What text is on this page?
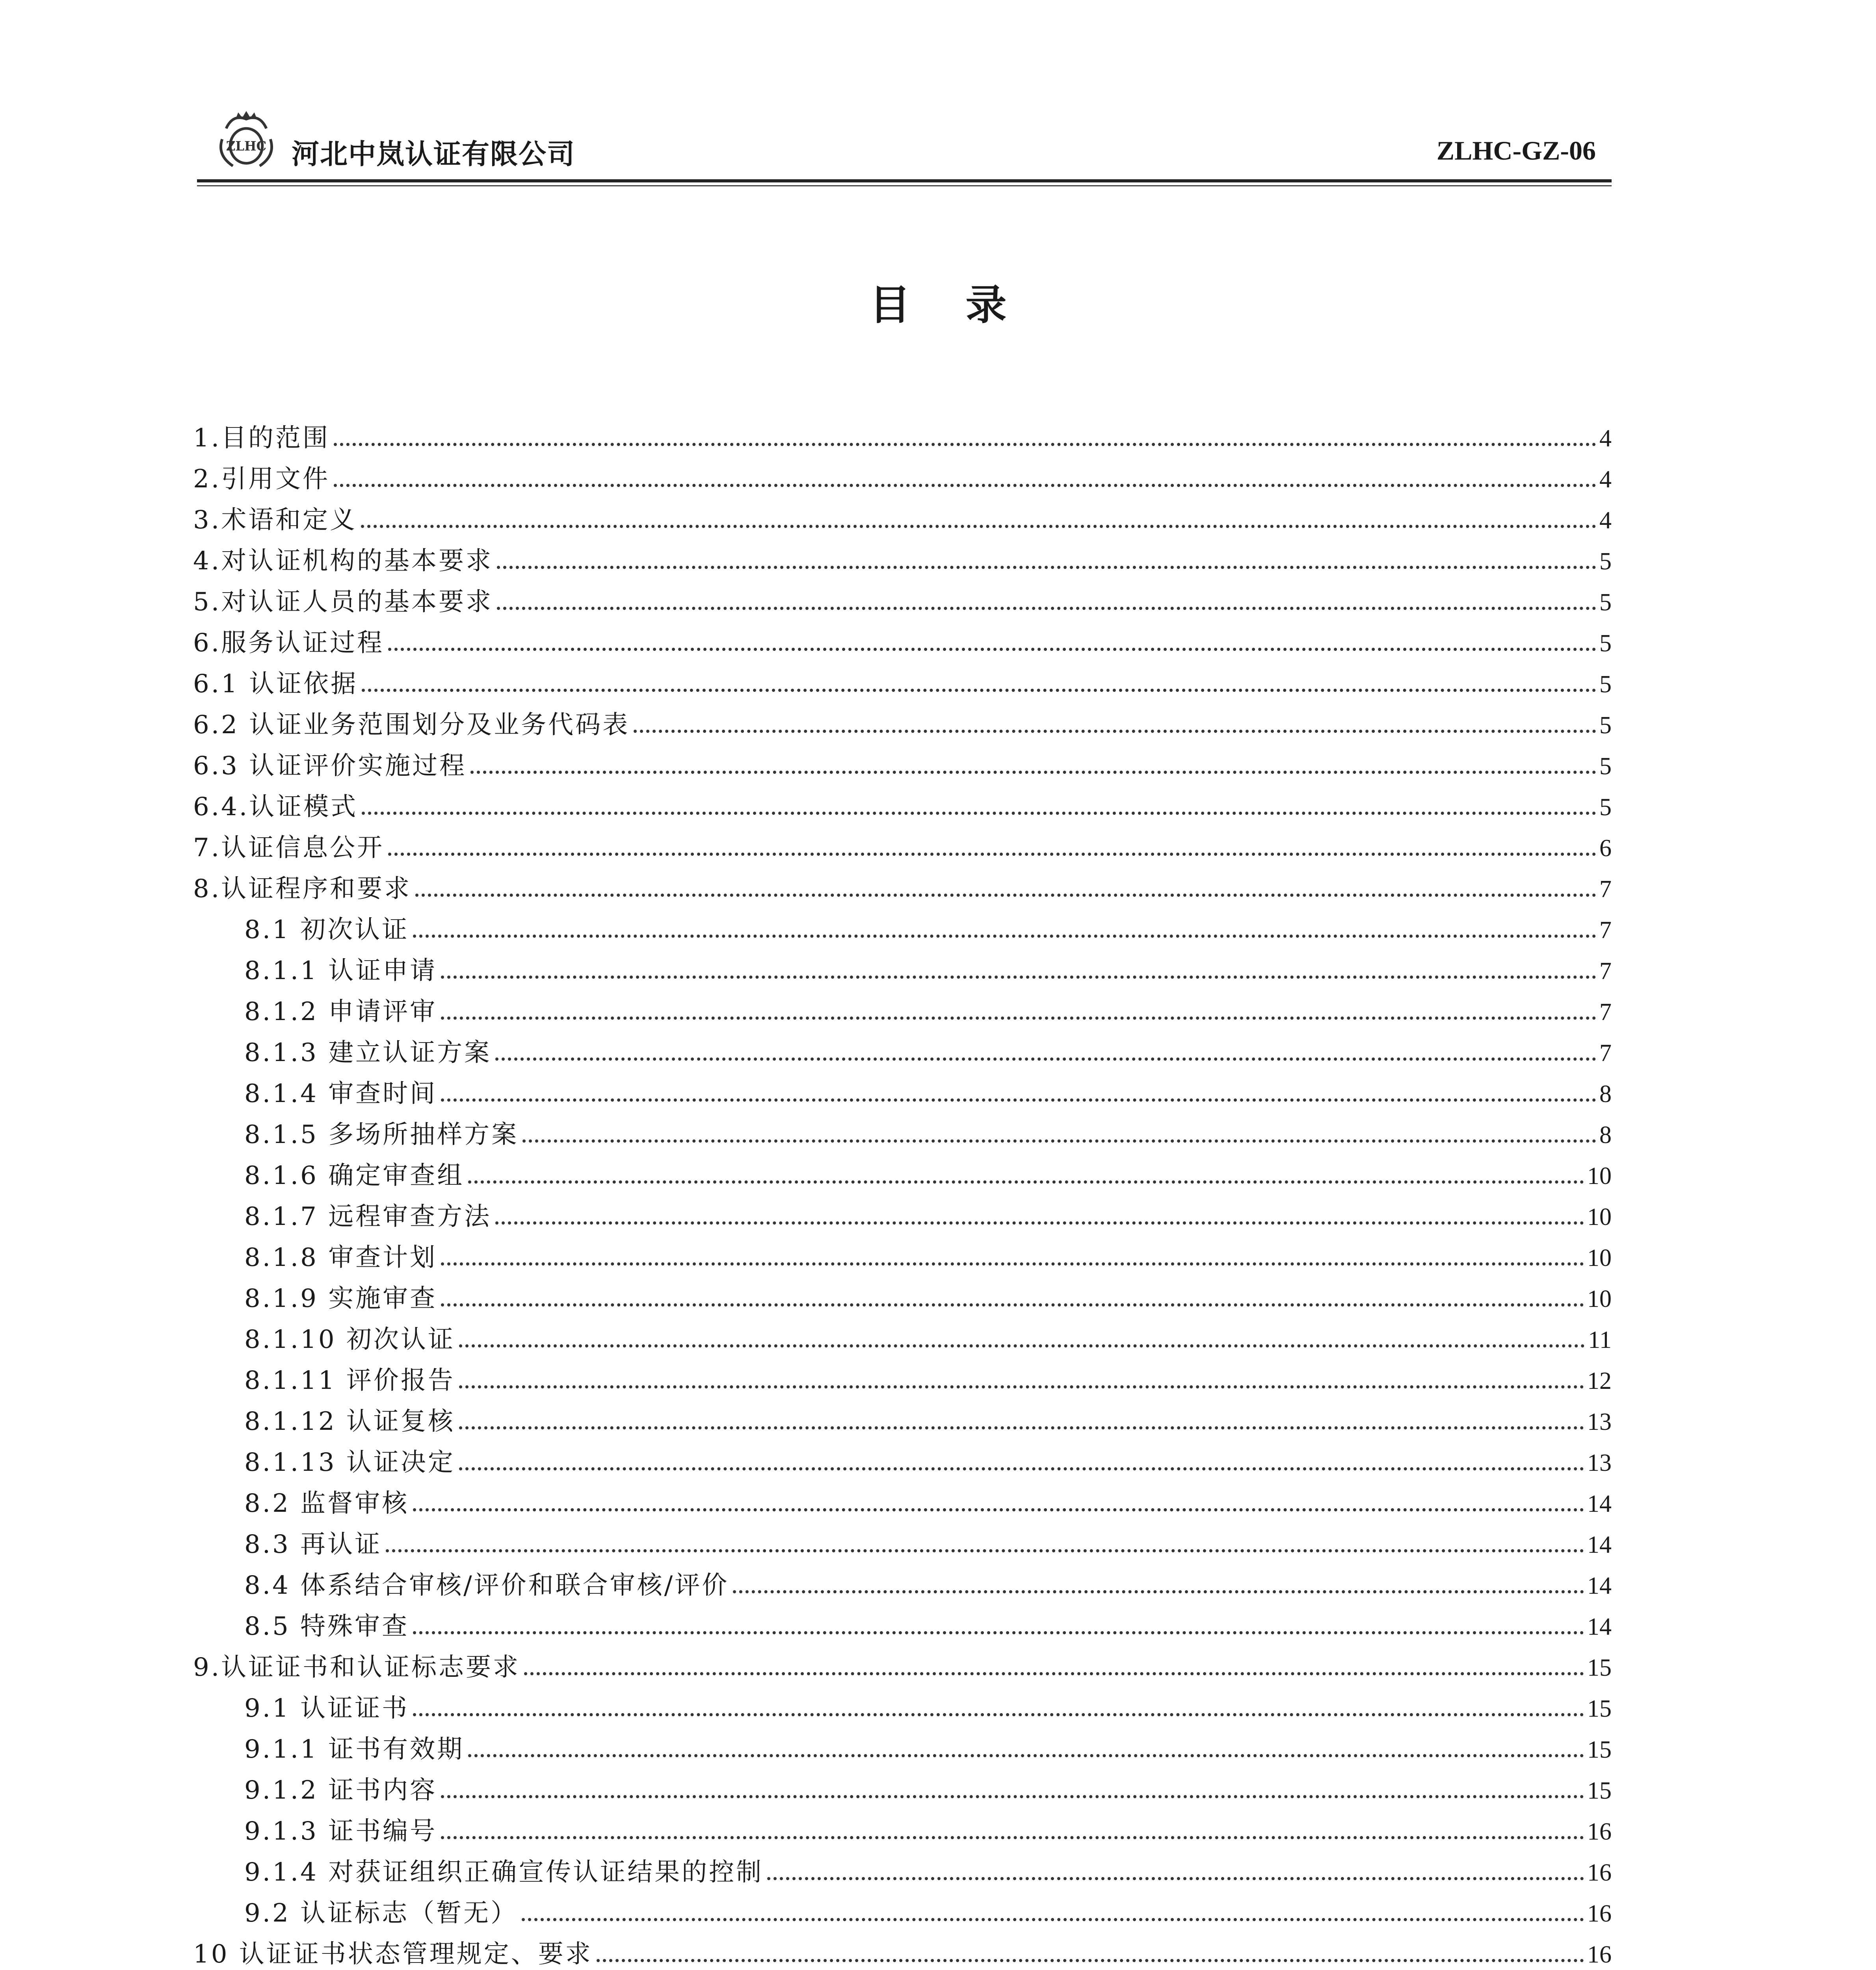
ZLHC 河北中岚认证有限公司	ZLHC-GZ-06
目录
1.目的范围	4
2.引用文件	4
3.术语和定义	4
4.对认证机构的基本要求	5
5.对认证人员的基本要求	5
6.服务认证过程	5
6.1 认证依据	5
6.2 认证业务范围划分及业务代码表	5
6.3 认证评价实施过程	5
6.4.认证模式	5
7.认证信息公开	6
8.认证程序和要求	7
8.1 初次认证	7
8.1.1 认证申请	7
8.1.2 申请评审	7
8.1.3 建立认证方案	7
8.1.4 审查时间	8
8.1.5 多场所抽样方案	8
8.1.6 确定审查组	10
8.1.7 远程审查方法	10
8.1.8 审查计划	10
8.1.9 实施审查	10
8.1.10 初次认证	11
8.1.11 评价报告	12
8.1.12 认证复核	13
8.1.13 认证决定	13
8.2 监督审核	14
8.3 再认证	14
8.4 体系结合审核/评价和联合审核/评价	14
8.5 特殊审查	14
9.认证证书和认证标志要求	15
9.1 认证证书	15
9.1.1 证书有效期	15
9.1.2 证书内容	15
9.1.3 证书编号	16
9.1.4 对获证组织正确宣传认证结果的控制	16
9.2 认证标志（暂无）	16
10 认证证书状态管理规定、要求	16
